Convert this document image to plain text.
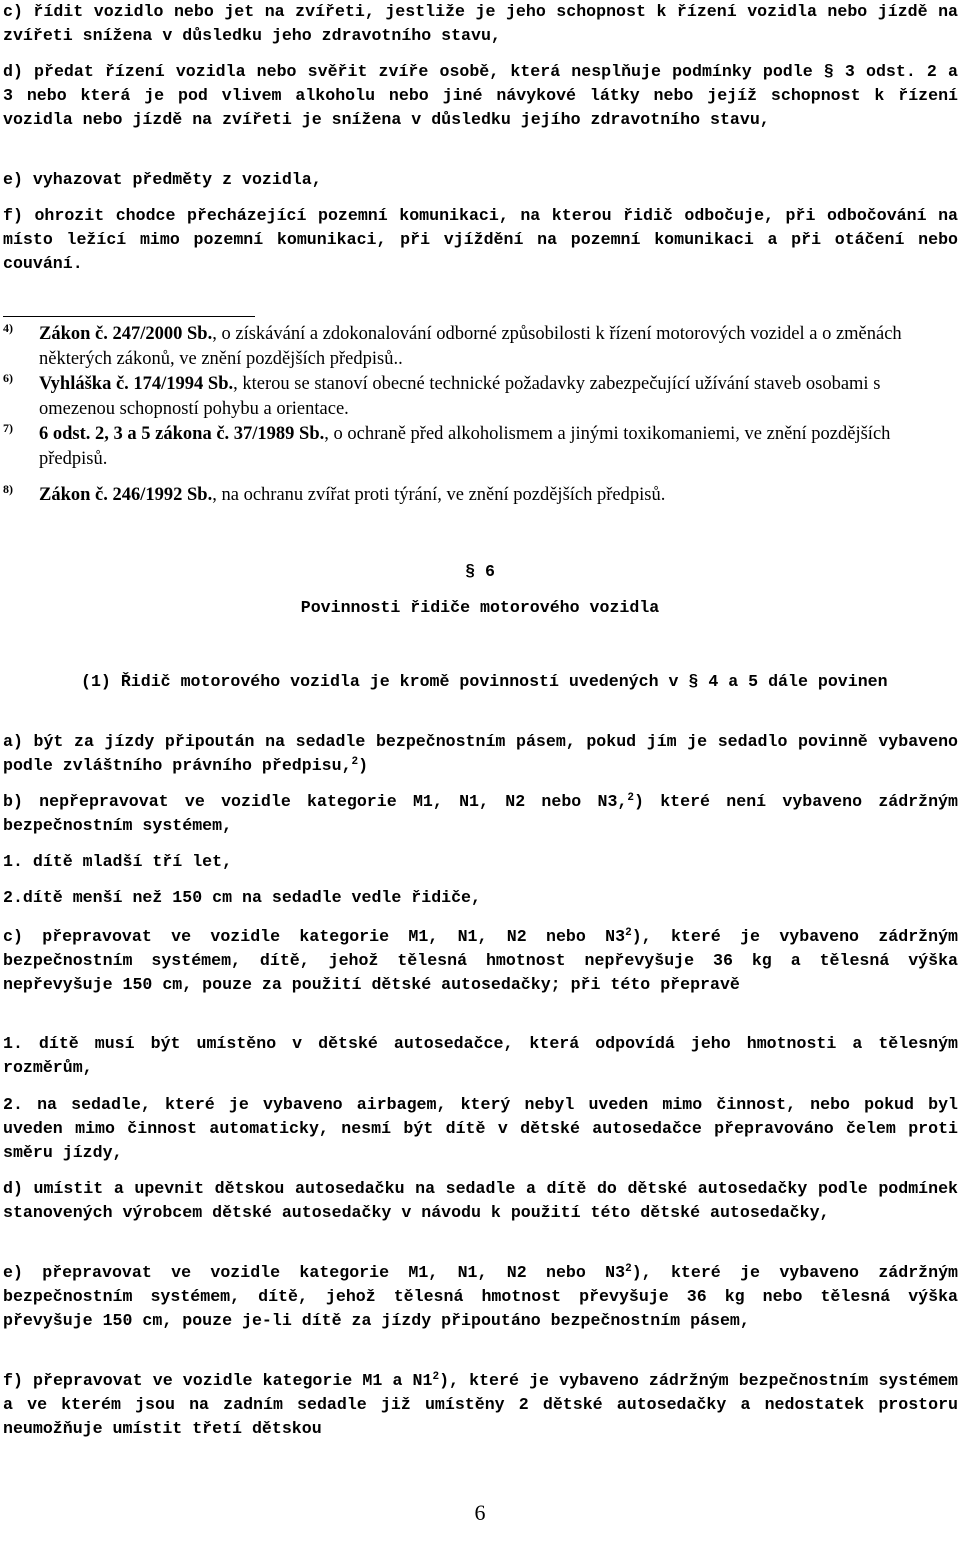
c) řídit vozidlo nebo jet na zvířeti, jestliže je jeho schopnost k řízení vozidla nebo jízdě na zvířeti snížena v důsledku jeho zdravotního stavu,

d) předat řízení vozidla nebo svěřit zvíře osobě, která nesplňuje podmínky podle § 3 odst. 2 a 3 nebo která je pod vlivem alkoholu nebo jiné návykové látky nebo jejíž schopnost k řízení vozidla nebo jízdě na zvířeti je snížena v důsledku jejího zdravotního stavu,

e) vyhazovat předměty z vozidla,

f) ohrozit chodce přecházející pozemní komunikaci, na kterou řidič odbočuje, při odbočování na místo ležící mimo pozemní komunikaci, při vjíždění na pozemní komunikaci a při otáčení nebo couvání.

4) Zákon č. 247/2000 Sb., o získávání a zdokonalování odborné způsobilosti k řízení motorových vozidel a o změnách některých zákonů, ve znění pozdějších předpisů..
6) Vyhláška č. 174/1994 Sb., kterou se stanoví obecné technické požadavky zabezpečující užívání staveb osobami s omezenou schopností pohybu a orientace.
7) 6 odst. 2, 3 a 5 zákona č. 37/1989 Sb., o ochraně před alkoholismem a jinými toxikomaniemi, ve znění pozdějších předpisů.
8) Zákon č. 246/1992 Sb., na ochranu zvířat proti týrání, ve znění pozdějších předpisů.
§ 6
Povinnosti řidiče motorového vozidla

(1) Řidič motorového vozidla je kromě povinností uvedených v § 4 a 5 dále povinen

a) být za jízdy připoután na sedadle bezpečnostním pásem, pokud jím je sedadlo povinně vybaveno podle zvláštního právního předpisu,$^2$)

b) nepřepravovat ve vozidle kategorie M1, N1, N2 nebo N3,$^2$) které není vybaveno zádržným bezpečnostním systémem,

1. dítě mladší tří let,

2.dítě menší než 150 cm na sedadle vedle řidiče,

c) přepravovat ve vozidle kategorie M1, N1, N2 nebo $N3^2$), které je vybaveno zádržným bezpečnostním systémem, dítě, jehož tělesná hmotnost nepřevyšuje 36 kg a tělesná výška nepřevyšuje 150 cm, pouze za použití dětské autosedačky; při této přepravě

1. dítě musí být umístěno v dětské autosedačce, která odpovídá jeho hmotnosti a tělesným rozměrům,

2. na sedadle, které je vybaveno airbagem, který nebyl uveden mimo činnost, nebo pokud byl uveden mimo činnost automaticky, nesmí být dítě v dětské autosedačce přepravováno čelem proti směru jízdy,

d) umístit a upevnit dětskou autosedačku na sedadle a dítě do dětské autosedačky podle podmínek stanovených výrobcem dětské autosedačky v návodu k použití této dětské autosedačky,

e) přepravovat ve vozidle kategorie M1, N1, N2 nebo $N3^2$), které je vybaveno zádržným bezpečnostním systémem, dítě, jehož tělesná hmotnost převyšuje 36 kg nebo tělesná výška převyšuje 150 cm, pouze je-li dítě za jízdy připoutáno bezpečnostním pásem,

f) přepravovat ve vozidle kategorie M1 a $N1^2$), které je vybaveno zádržným bezpečnostním systémem a ve kterém jsou na zadním sedadle již umístěny 2 dětské autosedačky a nedostatek prostoru neumožňuje umístit třetí dětskou

6
